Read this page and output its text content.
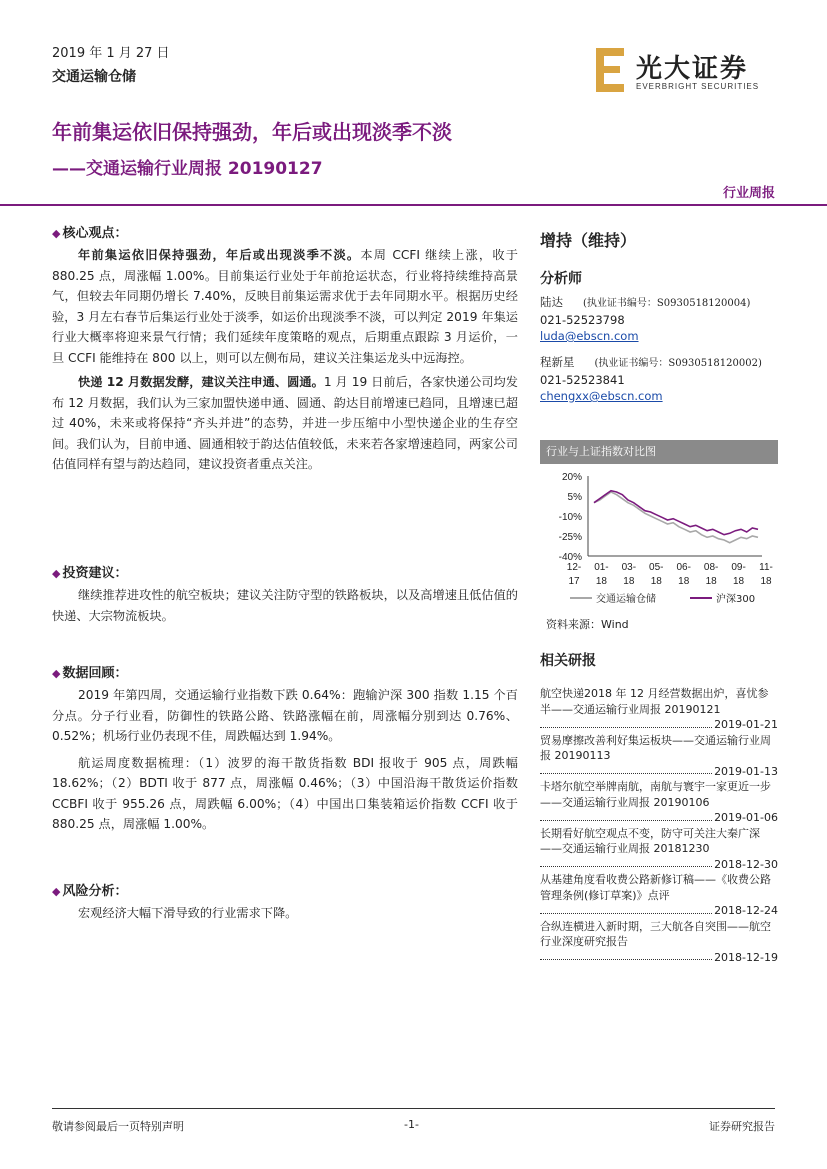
2019 年 1 月 27 日
交通运输仓储	光大证券
EVERBRIGHT SECURITIES
年前集运依旧保持强劲，年后或出现淡季不淡
——交通运输行业周报 20190127
行业周报
◆ 核心观点：
年前集运依旧保持强劲，年后或出现淡季不淡。本周 CCFI 继续上涨，收于 880.25 点，周涨幅 1.00%。目前集运行业处于年前抢运状态，行业将持续维持高景气，但较去年同期仍增长 7.40%，反映目前集运需求优于去年同期水平。根据历史经验，3 月左右春节后集运行业处于淡季，如运价出现淡季不淡，可以判定 2019 年集运行业大概率将迎来景气行情；我们延续年度策略的观点，后期重点跟踪 3 月运价，一旦 CCFI 能维持在 800 以上，则可以左侧布局，建议关注集运龙头中远海控。
快递 12 月数据发酵，建议关注申通、圆通。1 月 19 日前后，各家快递公司均发布 12 月数据，我们认为三家加盟快递申通、圆通、韵达目前增速已趋同，且增速已超过 40%，未来或将保持“齐头并进”的态势，并进一步压缩中小型快递企业的生存空间。我们认为，目前申通、圆通相较于韵达估值较低，未来若各家增速趋同，两家公司估值同样有望与韵达趋同，建议投资者重点关注。
◆ 投资建议：
继续推荐进攻性的航空板块；建议关注防守型的铁路板块，以及高增速且低估值的快递、大宗物流板块。
◆ 数据回顾：
2019 年第四周，交通运输行业指数下跌 0.64%：跑输沪深 300 指数 1.15 个百分点。分子行业看，防御性的铁路公路、铁路涨幅在前，周涨幅分别到达 0.76%、0.52%；机场行业仍表现不佳，周跌幅达到 1.94%。
航运周度数据梳理：（1）波罗的海干散货指数 BDI 报收于 905 点，周跌幅 18.62%；（2）BDTI 收于 877 点，周涨幅 0.46%；（3）中国沿海干散货运价指数 CCBFI 收于 955.26 点，周跌幅 6.00%；（4）中国出口集装箱运价指数 CCFI 收于 880.25 点，周涨幅 1.00%。
◆ 风险分析：
宏观经济大幅下滑导致的行业需求下降。
增持（维持）
分析师
陆达 (执业证书编号：S0930518120004)
021-52523798
luda@ebscn.com
程新星 (执业证书编号：S0930518120002)
021-52523841
chengxx@ebscn.com
行业与上证指数对比图
20%
5%
-10%
-25%
-40%
12-
17
01-
18
03-
18
05-
18
06-
18
08-
18
09-
18
11-
18
交通运输仓储	沪深300
资料来源：Wind
相关研报
航空快递2018 年 12 月经营数据出炉，喜忧参半——交通运输行业周报 20190121
2019-01-21
贸易摩擦改善利好集运板块——交通运输行业周报 20190113
2019-01-13
卡塔尔航空举牌南航，南航与寰宇一家更近一步——交通运输行业周报 20190106
2019-01-06
长期看好航空观点不变，防守可关注大秦广深——交通运输行业周报 20181230
2018-12-30
从基建角度看收费公路新修订稿——《收费公路管理条例(修订草案)》点评
2018-12-24
合纵连横进入新时期，三大航各自突围——航空行业深度研究报告
2018-12-19
敬请参阅最后一页特别声明	-1-	证券研究报告
